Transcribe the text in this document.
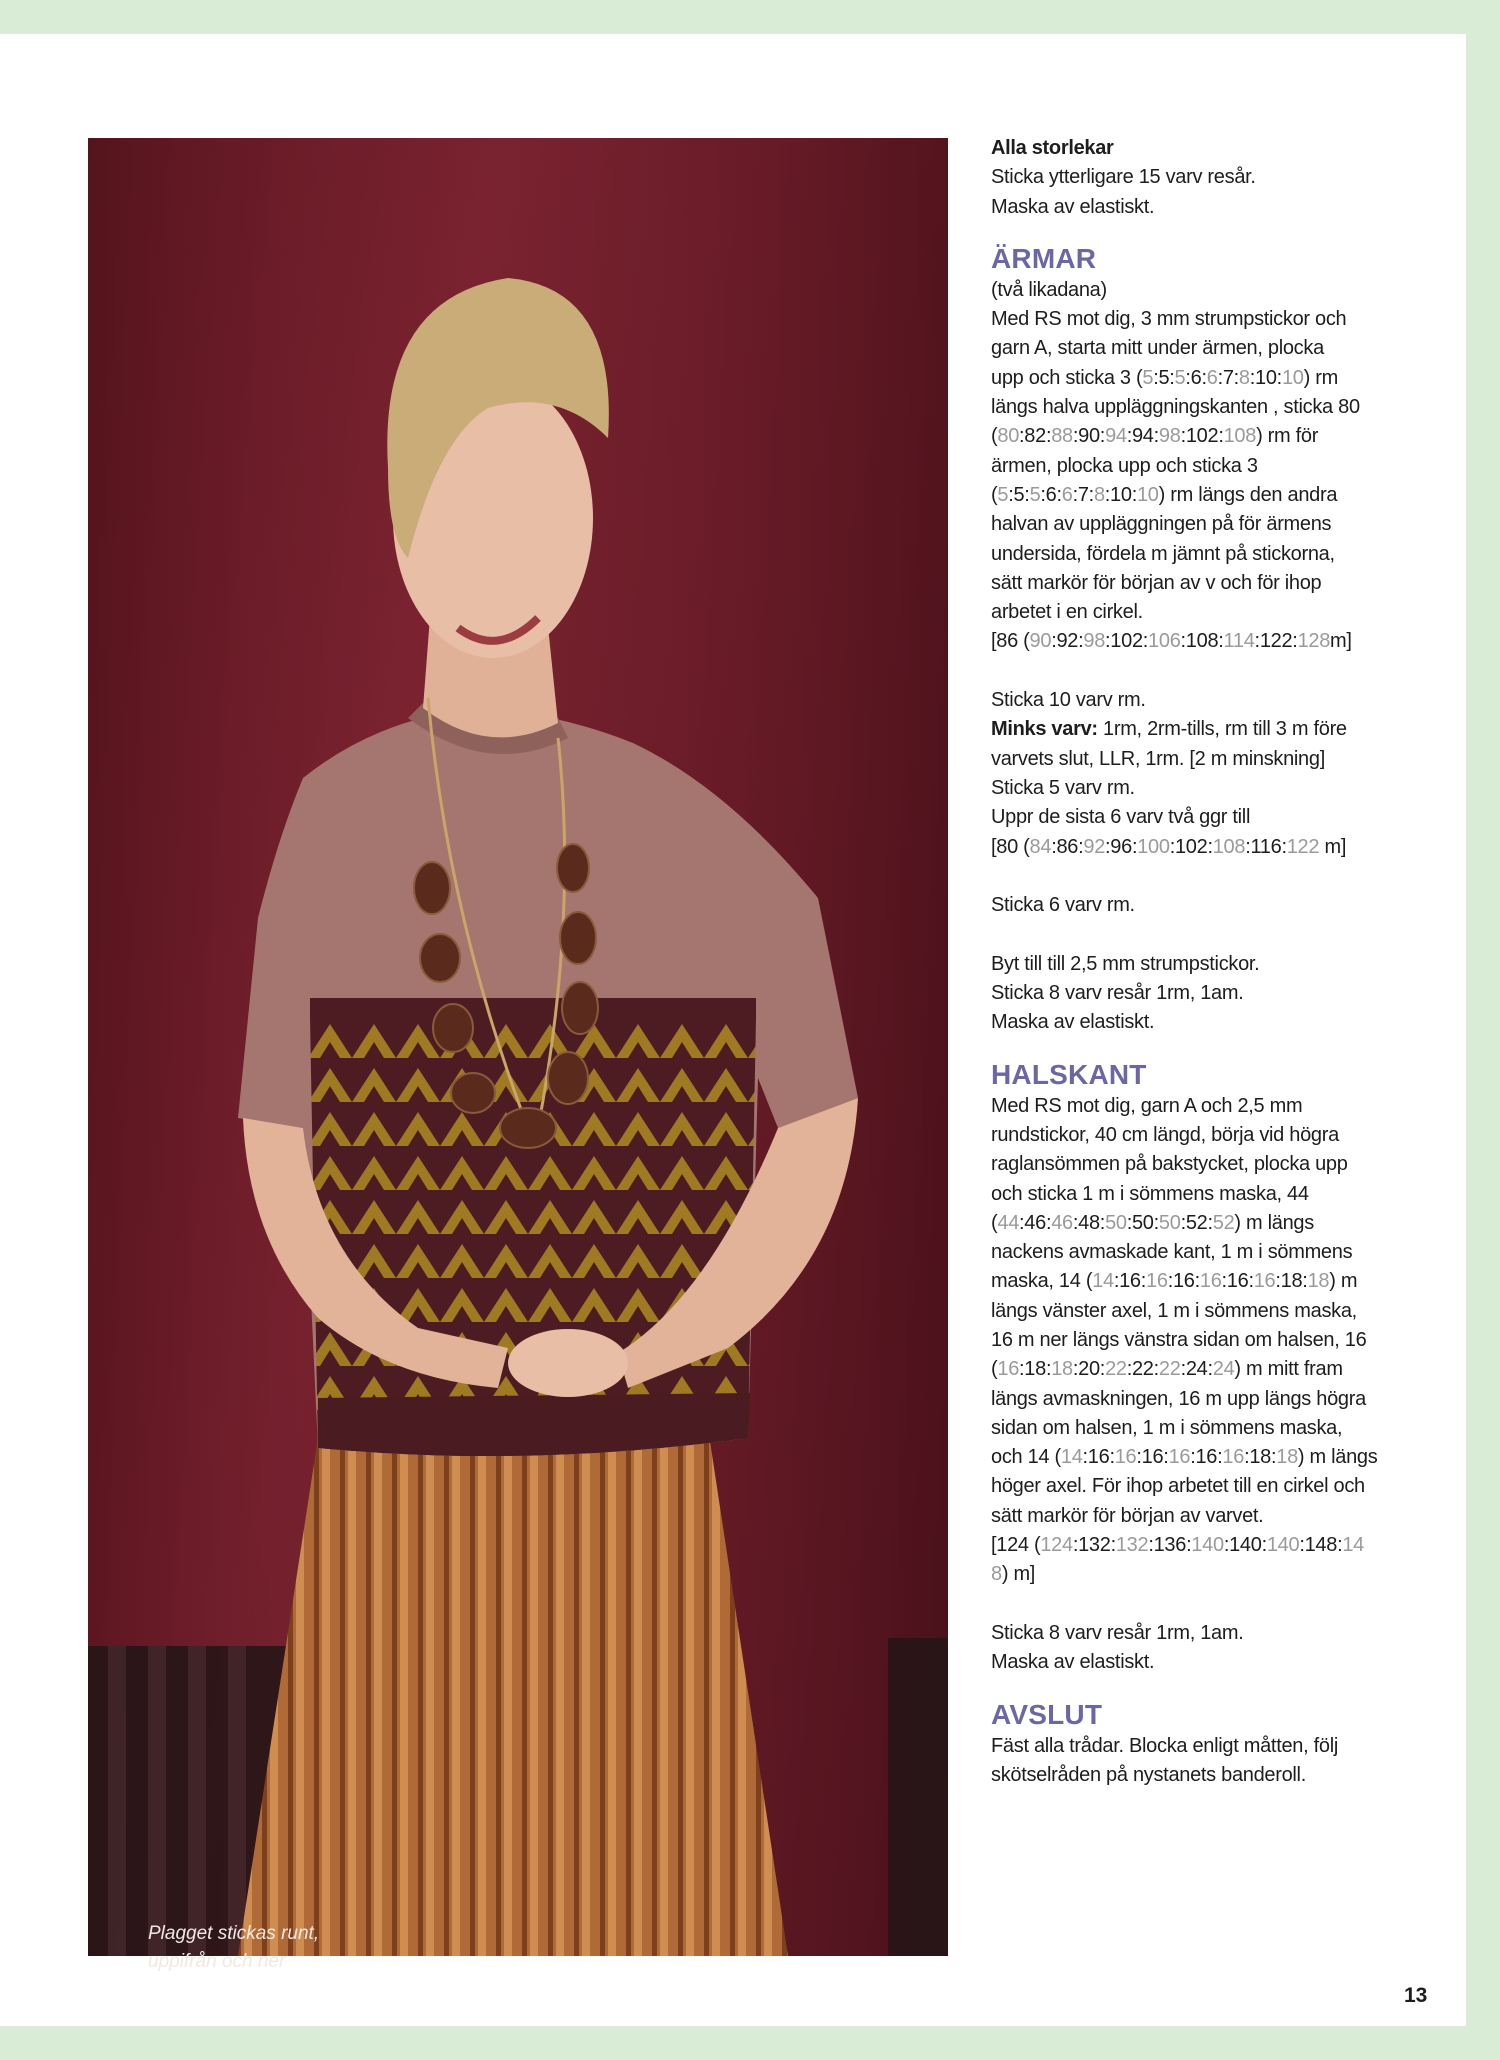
Plagget stickas runt,
uppifrån och ner

Alla storlekar

Sticka ytterligare 15 varv resår.

Maska av elastiskt.

ÄRMAR

(två likadana)

Med RS mot dig, 3 mm strumpstickor och

garn A, starta mitt under ärmen, plocka

upp och sticka 3 (5:5:5:6:6:7:8:10:10) rm

längs halva uppläggningskanten , sticka 80

(80:82:88:90:94:94:98:102:108) rm för

ärmen, plocka upp och sticka 3

(5:5:5:6:6:7:8:10:10) rm längs den andra

halvan av uppläggningen på för ärmens

undersida, fördela m jämnt på stickorna,

sätt markör för början av v och för ihop

arbetet i en cirkel.

[86 (90:92:98:102:106:108:114:122:128m]

Sticka 10 varv rm.

Minks varv: 1rm, 2rm-tills, rm till 3 m före

varvets slut, LLR, 1rm. [2 m minskning]

Sticka 5 varv rm.

Uppr de sista 6 varv två ggr till

[80 (84:86:92:96:100:102:108:116:122 m]

Sticka 6 varv rm.

Byt till till 2,5 mm strumpstickor.

Sticka 8 varv resår 1rm, 1am.

Maska av elastiskt.

HALSKANT

Med RS mot dig, garn A och 2,5 mm

rundstickor, 40 cm längd, börja vid högra

raglansömmen på bakstycket, plocka upp

och sticka 1 m i sömmens maska, 44

(44:46:46:48:50:50:50:52:52) m längs

nackens avmaskade kant, 1 m i sömmens

maska, 14 (14:16:16:16:16:16:16:18:18) m

längs vänster axel, 1 m i sömmens maska,

16 m ner längs vänstra sidan om halsen, 16

(16:18:18:20:22:22:22:24:24) m mitt fram

längs avmaskningen, 16 m upp längs högra

sidan om halsen, 1 m i sömmens maska,

och 14 (14:16:16:16:16:16:16:18:18) m längs

höger axel. För ihop arbetet till en cirkel och

sätt markör för början av varvet.

[124 (124:132:132:136:140:140:140:148:14

8) m]

Sticka 8 varv resår 1rm, 1am.

Maska av elastiskt.

AVSLUT

Fäst alla trådar. Blocka enligt måtten, följ

skötselråden på nystanets banderoll.

13
